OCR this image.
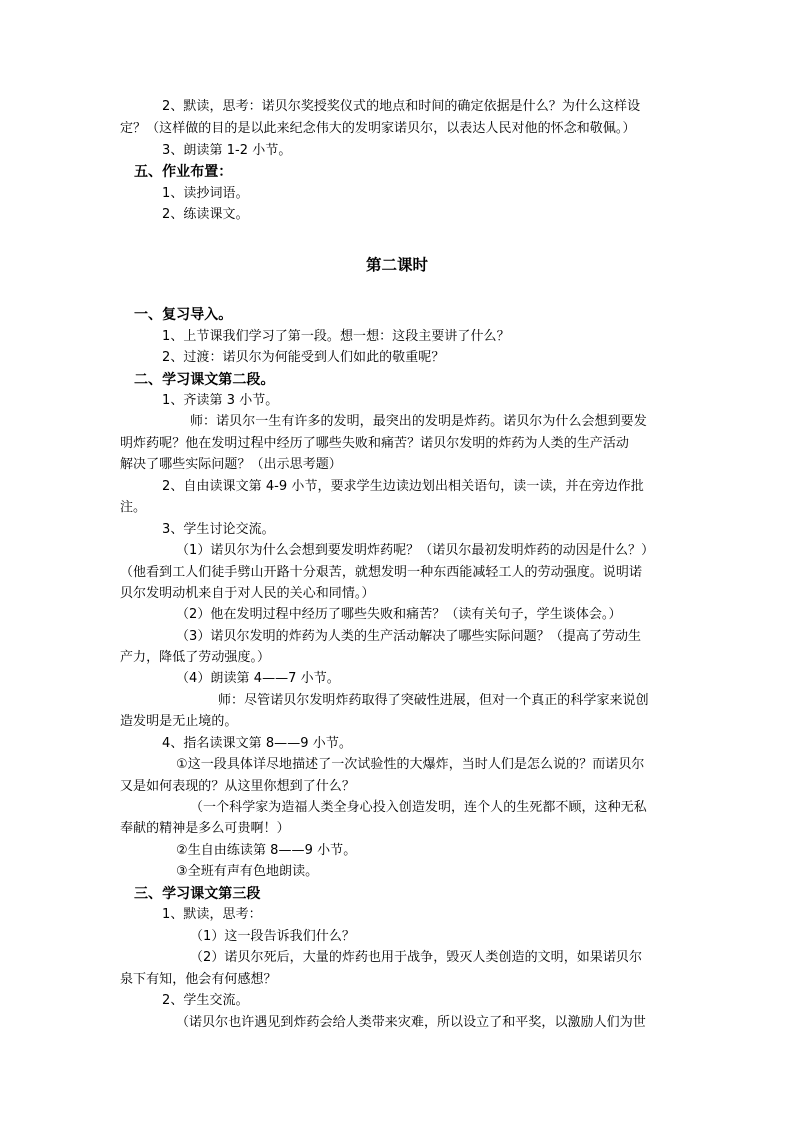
2、默读，思考：诺贝尔奖授奖仪式的地点和时间的确定依据是什么？为什么这样设
定？（这样做的目的是以此来纪念伟大的发明家诺贝尔，以表达人民对他的怀念和敬佩。）
3、朗读第 1-2 小节。
五、作业布置：
1、读抄词语。
2、练读课文。
第二课时
一、复习导入。
1、上节课我们学习了第一段。想一想：这段主要讲了什么？
2、过渡：诺贝尔为何能受到人们如此的敬重呢？
二、学习课文第二段。
1、齐读第 3 小节。
师：诺贝尔一生有许多的发明，最突出的发明是炸药。诺贝尔为什么会想到要发
明炸药呢？他在发明过程中经历了哪些失败和痛苦？诺贝尔发明的炸药为人类的生产活动
解决了哪些实际问题？（出示思考题）
2、自由读课文第 4-9 小节，要求学生边读边划出相关语句，读一读，并在旁边作批
注。
3、学生讨论交流。
（1）诺贝尔为什么会想到要发明炸药呢？（诺贝尔最初发明炸药的动因是什么？）
（他看到工人们徒手劈山开路十分艰苦，就想发明一种东西能减轻工人的劳动强度。说明诺
贝尔发明动机来自于对人民的关心和同情。）
（2）他在发明过程中经历了哪些失败和痛苦？（读有关句子，学生谈体会。）
（3）诺贝尔发明的炸药为人类的生产活动解决了哪些实际问题？（提高了劳动生
产力，降低了劳动强度。）
（4）朗读第 4——7 小节。
师：尽管诺贝尔发明炸药取得了突破性进展，但对一个真正的科学家来说创
造发明是无止境的。
4、指名读课文第 8——9 小节。
①这一段具体详尽地描述了一次试验性的大爆炸，当时人们是怎么说的？而诺贝尔
又是如何表现的？从这里你想到了什么？
（一个科学家为造福人类全身心投入创造发明，连个人的生死都不顾，这种无私
奉献的精神是多么可贵啊！）
②生自由练读第 8——9 小节。
③全班有声有色地朗读。
三、学习课文第三段
1、默读，思考：
（1）这一段告诉我们什么？
（2）诺贝尔死后，大量的炸药也用于战争，毁灭人类创造的文明，如果诺贝尔
泉下有知，他会有何感想？
2、学生交流。
（诺贝尔也许遇见到炸药会给人类带来灾难，所以设立了和平奖，以激励人们为世
